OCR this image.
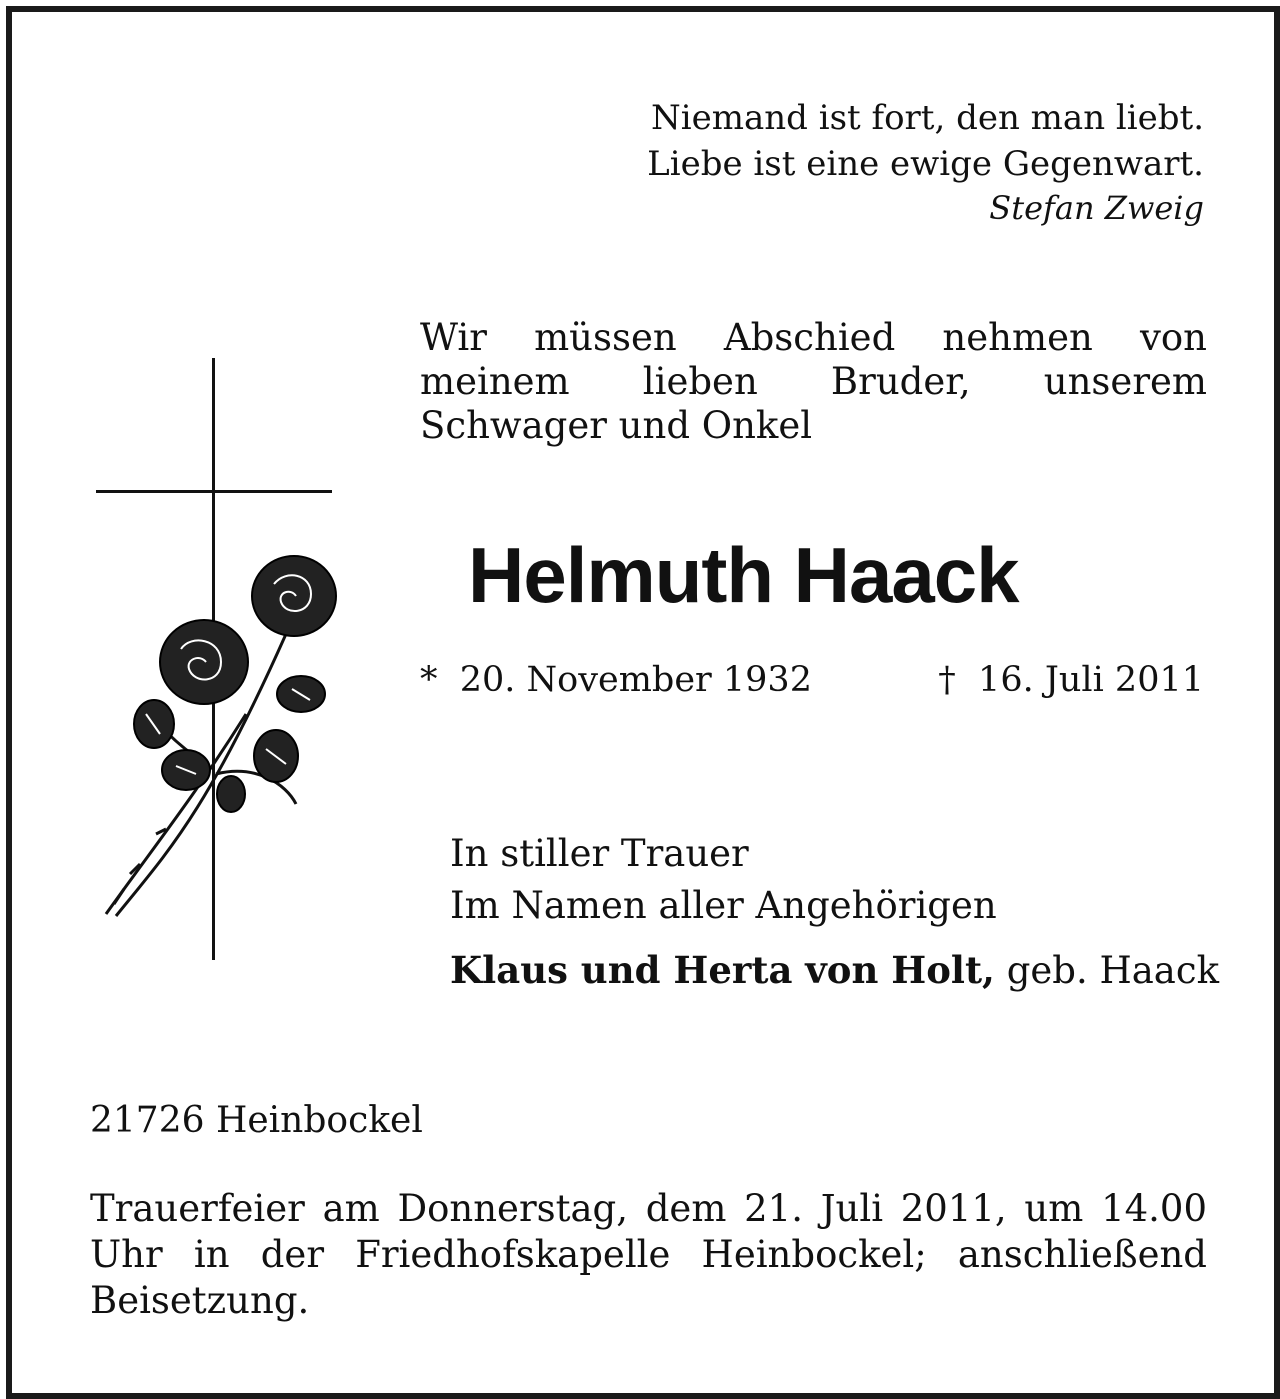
Niemand ist fort, den man liebt.
Liebe ist eine ewige Gegenwart.
Stefan Zweig
Wir müssen Abschied nehmen von meinem lieben Bruder, unserem Schwager und Onkel
Helmuth Haack
* 20. November 1932	† 16. Juli 2011
In stiller Trauer
Im Namen aller Angehörigen
Klaus und Herta von Holt, geb. Haack
21726 Heinbockel
Trauerfeier am Donnerstag, dem 21. Juli 2011, um 14.00 Uhr in der Friedhofskapelle Heinbockel; anschließend Beisetzung.
